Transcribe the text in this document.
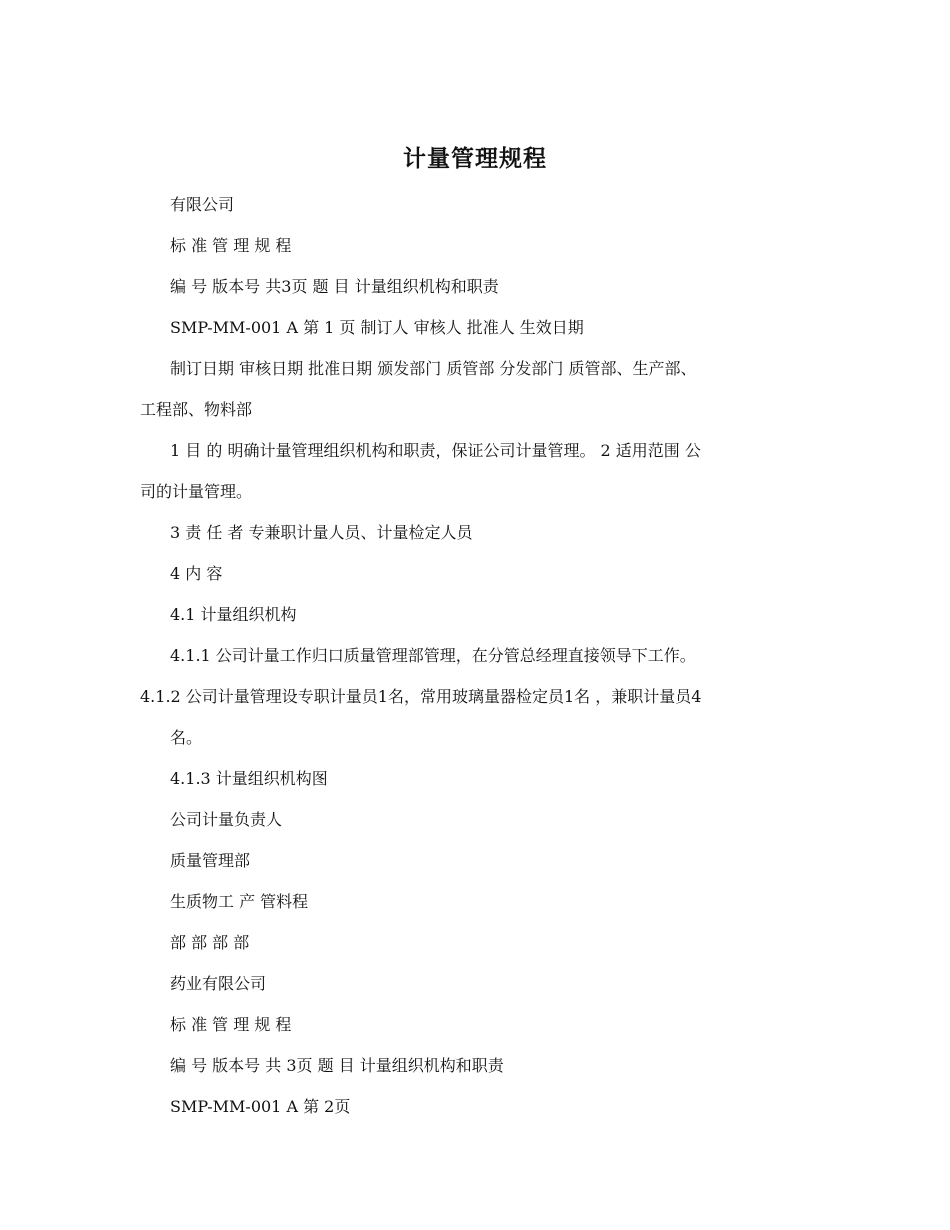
计量管理规程

有限公司

标 准 管 理 规 程

编 号 版本号 共3页 题 目 计量组织机构和职责

SMP-MM-001 A 第 1 页 制订人 审核人 批准人 生效日期

制订日期 审核日期 批准日期 颁发部门 质管部 分发部门 质管部、生产部、

工程部、物料部

1 目 的 明确计量管理组织机构和职责，保证公司计量管理。 2 适用范围 公

司的计量管理。

3 责 任 者 专兼职计量人员、计量检定人员

4 内 容

4.1 计量组织机构

4.1.1 公司计量工作归口质量管理部管理，在分管总经理直接领导下工作。

4.1.2 公司计量管理设专职计量员1名，常用玻璃量器检定员1名 ，兼职计量员4

名。

4.1.3 计量组织机构图

公司计量负责人

质量管理部

生质物工 产 管料程

部 部 部 部

药业有限公司

标 准 管 理 规 程

编 号 版本号 共 3页 题 目 计量组织机构和职责

SMP-MM-001 A 第 2页
